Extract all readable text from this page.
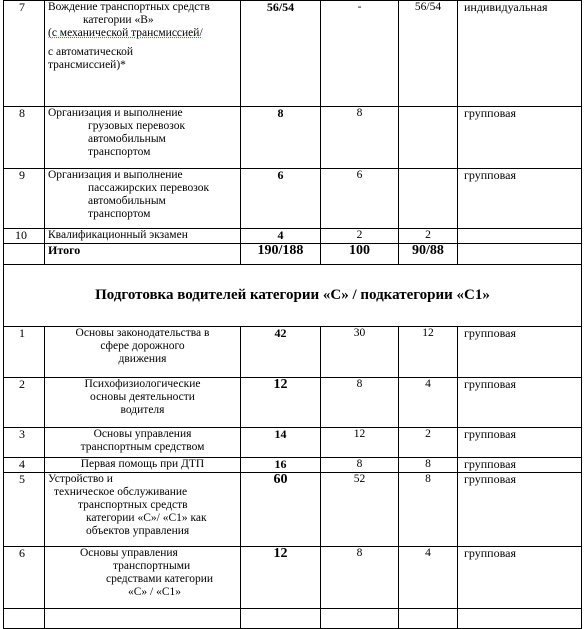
7	Вождение транспортных средств
категории «В»
(с механической трансмиссией/
с автоматической
трансмиссией)*	56/54	-	56/54	индивидуальная
8	Организация и выполнение
грузовых перевозок
автомобильным
транспортом	8	8		групповая
9	Организация и выполнение
пассажирских перевозок
автомобильным
транспортом	6	6		групповая
10	Квалификационный экзамен	4	2	2	
	Итого	190/188	100	90/88	
Подготовка водителей категории «С» / подкатегории «С1»					
1	Основы законодательства в
сфере дорожного
движения	42	30	12	групповая
2	Психофизиологические
основы деятельности
водителя	12	8	4	групповая
3	Основы управления
транспортным средством	14	12	2	групповая
4	Первая помощь при ДТП	16	8	8	групповая
5	Устройство и
техническое обслуживание
транспортных средств
категории «С»/ «С1» как
объектов управления	60	52	8	групповая
6	Основы управления
транспортными
средствами категории
«С» / «С1»	12	8	4	групповая
